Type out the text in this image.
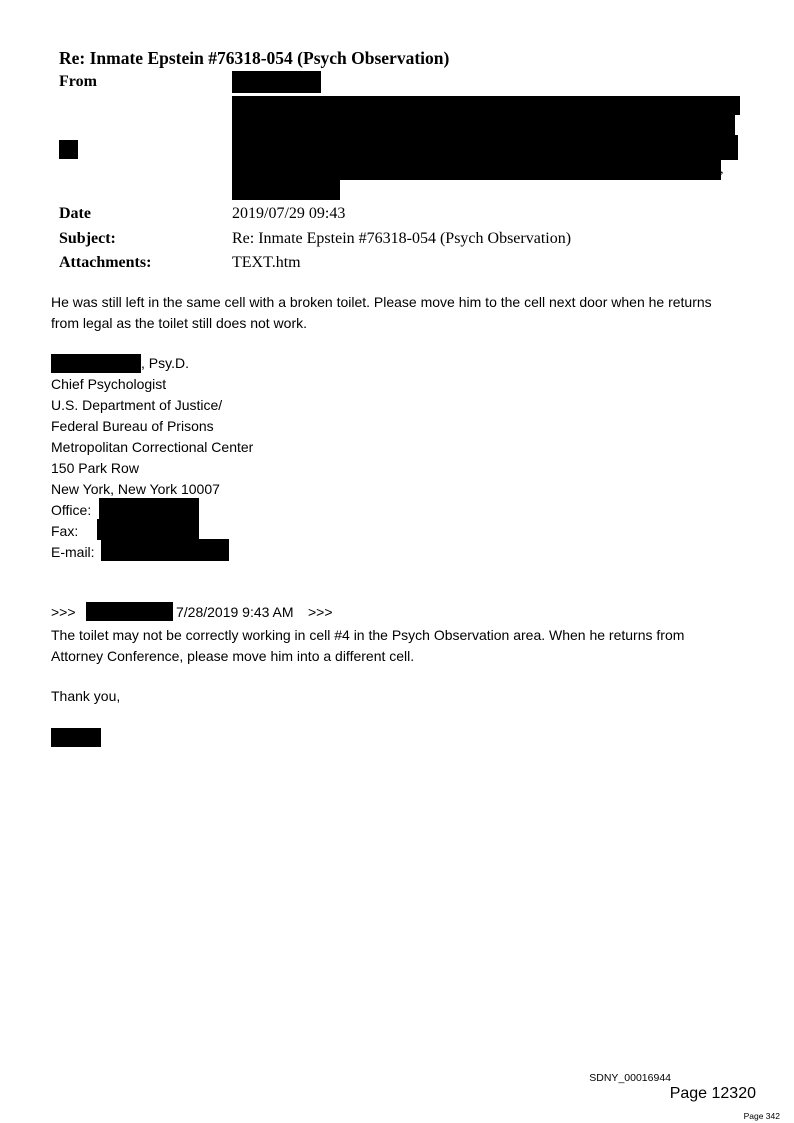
Re: Inmate Epstein #76318-054 (Psych Observation)
From
,
Date	2019/07/29 09:43
Subject:	Re: Inmate Epstein #76318-054 (Psych Observation)
Attachments:	TEXT.htm
He was still left in the same cell with a broken toilet. Please move him to the cell next door when he returns
from legal as the toilet still does not work.
, Psy.D.
Chief Psychologist
U.S. Department of Justice/
Federal Bureau of Prisons
Metropolitan Correctional Center
150 Park Row
New York, New York 10007
Office:
Fax:
E-mail:
>>>	7/28/2019 9:43 AM >>>
The toilet may not be correctly working in cell #4 in the Psych Observation area. When he returns from
Attorney Conference, please move him into a different cell.
Thank you,
SDNY_00016944
Page 12320
Page 342
